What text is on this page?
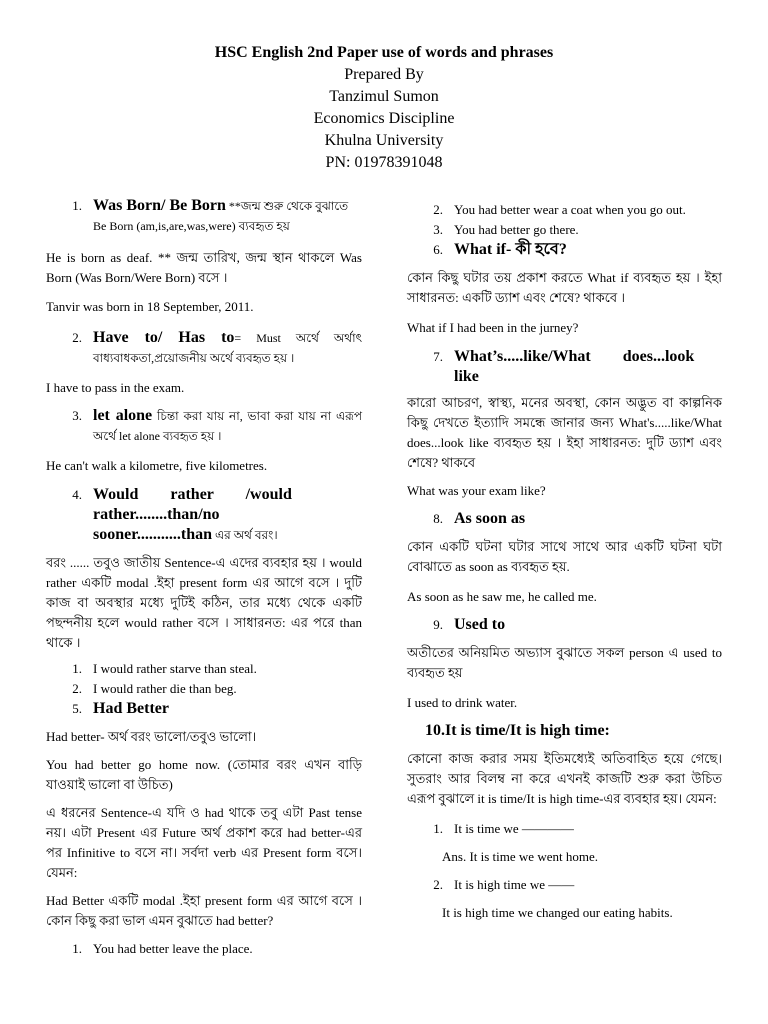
HSC English 2nd Paper use of words and phrases
Prepared By
Tanzimul Sumon
Economics Discipline
Khulna University
PN: 01978391048
1. Was Born/ Be Born **জন্ম শুরু থেকে বুঝাতে
Be Born (am,is,are,was,were) ব্যবহৃত হয়

He is born as deaf. ** জন্ম তারিখ, জন্ম স্থান থাকলে Was Born (Was Born/Were Born) বসে ।

Tanvir was born in 18 September, 2011.

2. Have to/ Has to= Must অর্থে অর্থাৎ বাধ্যবাধকতা,প্রয়োজনীয় অর্থে ব্যবহৃত হয় ।

I have to pass in the exam.

3. let alone চিন্তা করা যায় না, ভাবা করা যায় না এরূপ অর্থে let alone ব্যবহৃত হয় ।

He can't walk a kilometre, five kilometres.

4. Would        rather        /would
rather........than/no
sooner...........than এর অর্থ বরং।

বরং ...... তবুও জাতীয় Sentence-এ এদের ব্যবহার হয় । would rather একটি modal .ইহা present form এর আগে বসে । দুটি কাজ বা অবস্থার মধ্যে দুটিই কঠিন, তার মধ্যে থেকে একটি পছন্দনীয় হলে would rather বসে । সাধারনত: এর পরে than থাকে ।

1. I would rather starve than steal.
2. I would rather die than beg.
5. Had Better

Had better- অর্থ বরং ভালো/তবুও ভালো।

You had better go home now. (তোমার বরং এখন বাড়ি যাওয়াই ভালো বা উচিত)

এ ধরনের Sentence-এ যদি ও had থাকে তবু এটা Past tense নয়। এটা Present এর Future অর্থ প্রকাশ করে had better-এর পর Infinitive to বসে না। সর্বদা verb এর Present form বসে। যেমন:

Had Better একটি modal .ইহা present form এর আগে বসে । কোন কিছু করা ভাল এমন বুঝাতে had better?

1. You had better leave the place.
2. You had better wear a coat when you go out.
3. You had better go there.
6. What if- কী হবে?

কোন কিছু ঘটার তয় প্রকাশ করতে What if ব্যবহৃত হয় । ইহা সাধারনত: একটি ড্যাশ এবং শেষে? থাকবে ।

What if I had been in the jurney?

7. What’s.....like/What        does...look
like

কারো আচরণ, স্বাস্থ্য, মনের অবস্থা, কোন অদ্ভুত বা কাল্পনিক কিছু দেখতে ইত্যাদি সমন্ধে জানার জন্য What's.....like/What does...look like ব্যবহৃত হয় । ইহা সাধারনত: দুটি ড্যাশ এবং শেষে? থাকবে

What was your exam like?

8. As soon as

কোন একটি ঘটনা ঘটার সাথে সাথে আর একটি ঘটনা ঘটা বোঝাতে as soon as ব্যবহৃত হয়.

As soon as he saw me, he called me.

9. Used to

অতীতের অনিয়মিত অভ্যাস বুঝাতে সকল person এ used to ব্যবহৃত হয়

I used to drink water.

10.It is time/It is high time:

কোনো কাজ করার সময় ইতিমধ্যেই অতিবাহিত হয়ে গেছে। সুতরাং আর বিলম্ব না করে এখনই কাজটি শুরু করা উচিত এরূপ বুঝালে it is time/It is high time-এর ব্যবহার হয়। যেমন:

1. It is time we ————
Ans. It is time we went home.
2. It is high time we ——
It is high time we changed our eating habits.
